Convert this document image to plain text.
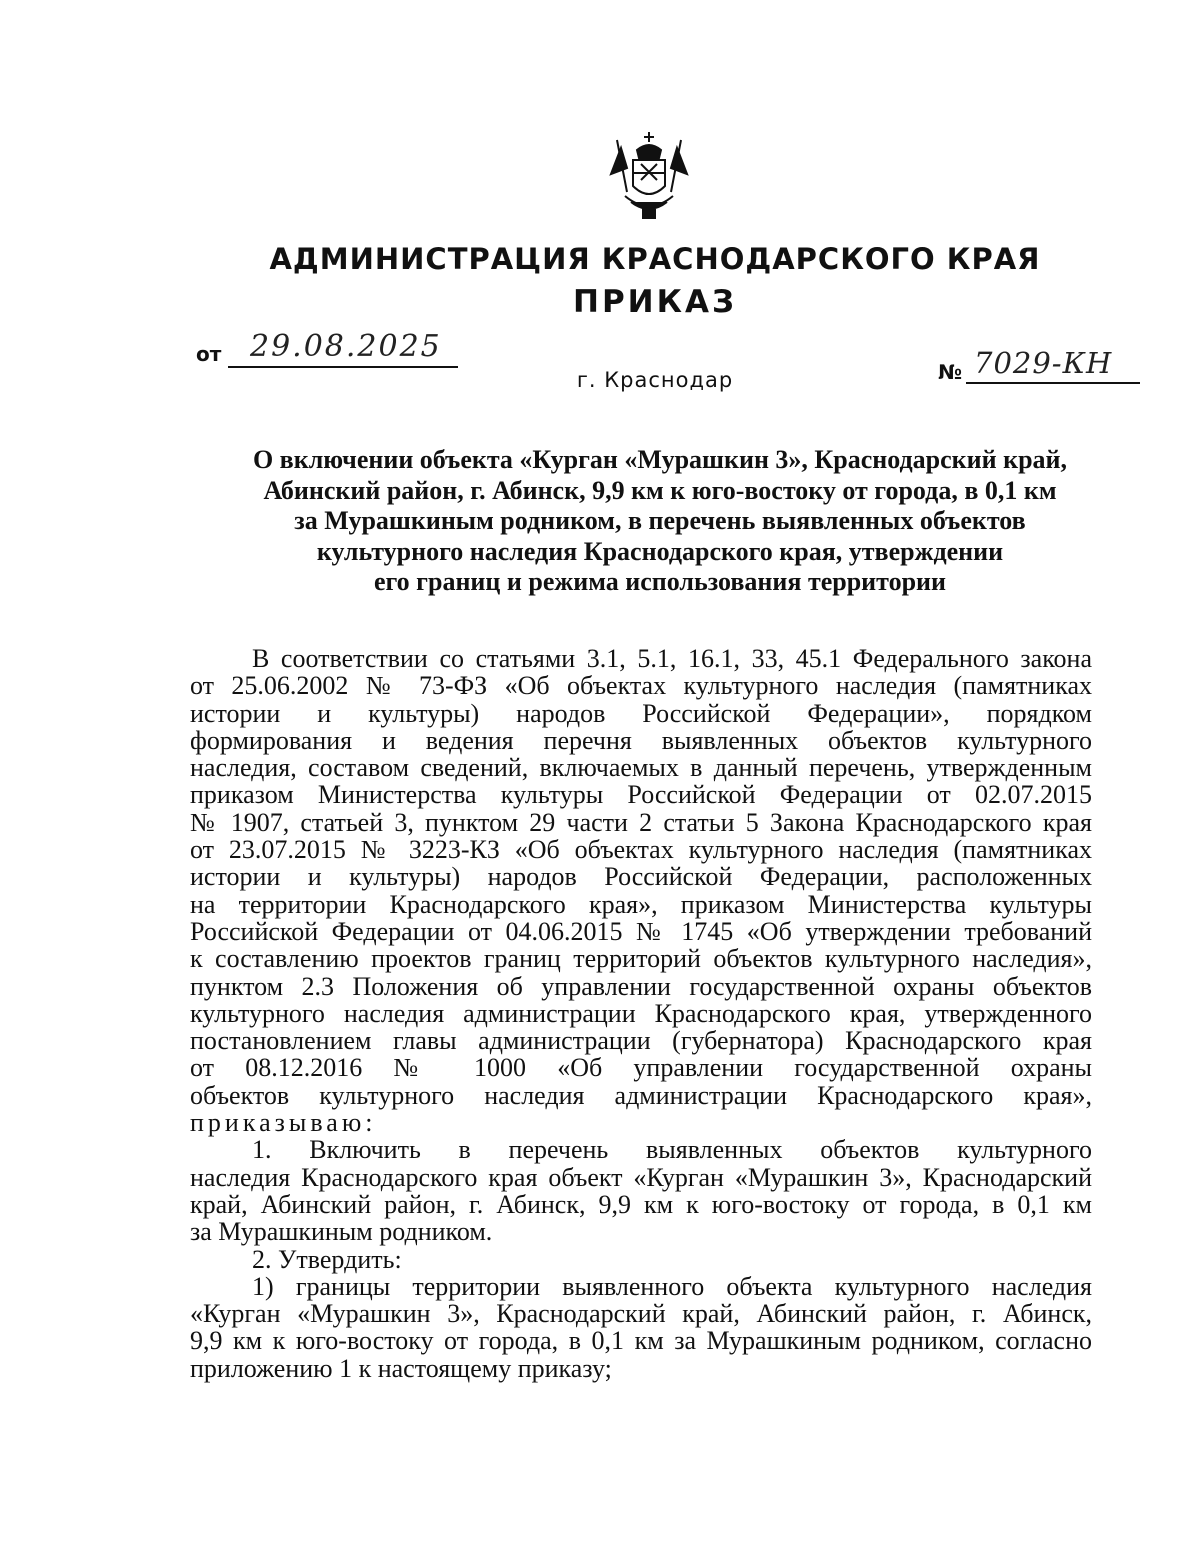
АДМИНИСТРАЦИЯ КРАСНОДАРСКОГО КРАЯ
ПРИКАЗ
от 29.08.2025
г. Краснодар	№ 7029-КН
О включении объекта «Курган «Мурашкин 3», Краснодарский край,
Абинский район, г. Абинск, 9,9 км к юго-востоку от города, в 0,1 км
за Мурашкиным родником, в перечень выявленных объектов
культурного наследия Краснодарского края, утверждении
его границ и режима использования территории
В соответствии со статьями 3.1, 5.1, 16.1, 33, 45.1 Федерального закона
от 25.06.2002 № 73-ФЗ «Об объектах культурного наследия (памятниках
истории и культуры) народов Российской Федерации», порядком
формирования и ведения перечня выявленных объектов культурного
наследия, составом сведений, включаемых в данный перечень, утвержденным
приказом Министерства культуры Российской Федерации от 02.07.2015
№ 1907, статьей 3, пунктом 29 части 2 статьи 5 Закона Краснодарского края
от 23.07.2015 № 3223-КЗ «Об объектах культурного наследия (памятниках
истории и культуры) народов Российской Федерации, расположенных
на территории Краснодарского края», приказом Министерства культуры
Российской Федерации от 04.06.2015 № 1745 «Об утверждении требований
к составлению проектов границ территорий объектов культурного наследия»,
пунктом 2.3 Положения об управлении государственной охраны объектов
культурного наследия администрации Краснодарского края, утвержденного
постановлением главы администрации (губернатора) Краснодарского края
от 08.12.2016 № 1000 «Об управлении государственной охраны
объектов культурного наследия администрации Краснодарского края»,
приказываю:
1. Включить в перечень выявленных объектов культурного
наследия Краснодарского края объект «Курган «Мурашкин 3», Краснодарский
край, Абинский район, г. Абинск, 9,9 км к юго-востоку от города, в 0,1 км
за Мурашкиным родником.
2. Утвердить:
1) границы территории выявленного объекта культурного наследия
«Курган «Мурашкин 3», Краснодарский край, Абинский район, г. Абинск,
9,9 км к юго-востоку от города, в 0,1 км за Мурашкиным родником, согласно
приложению 1 к настоящему приказу;
